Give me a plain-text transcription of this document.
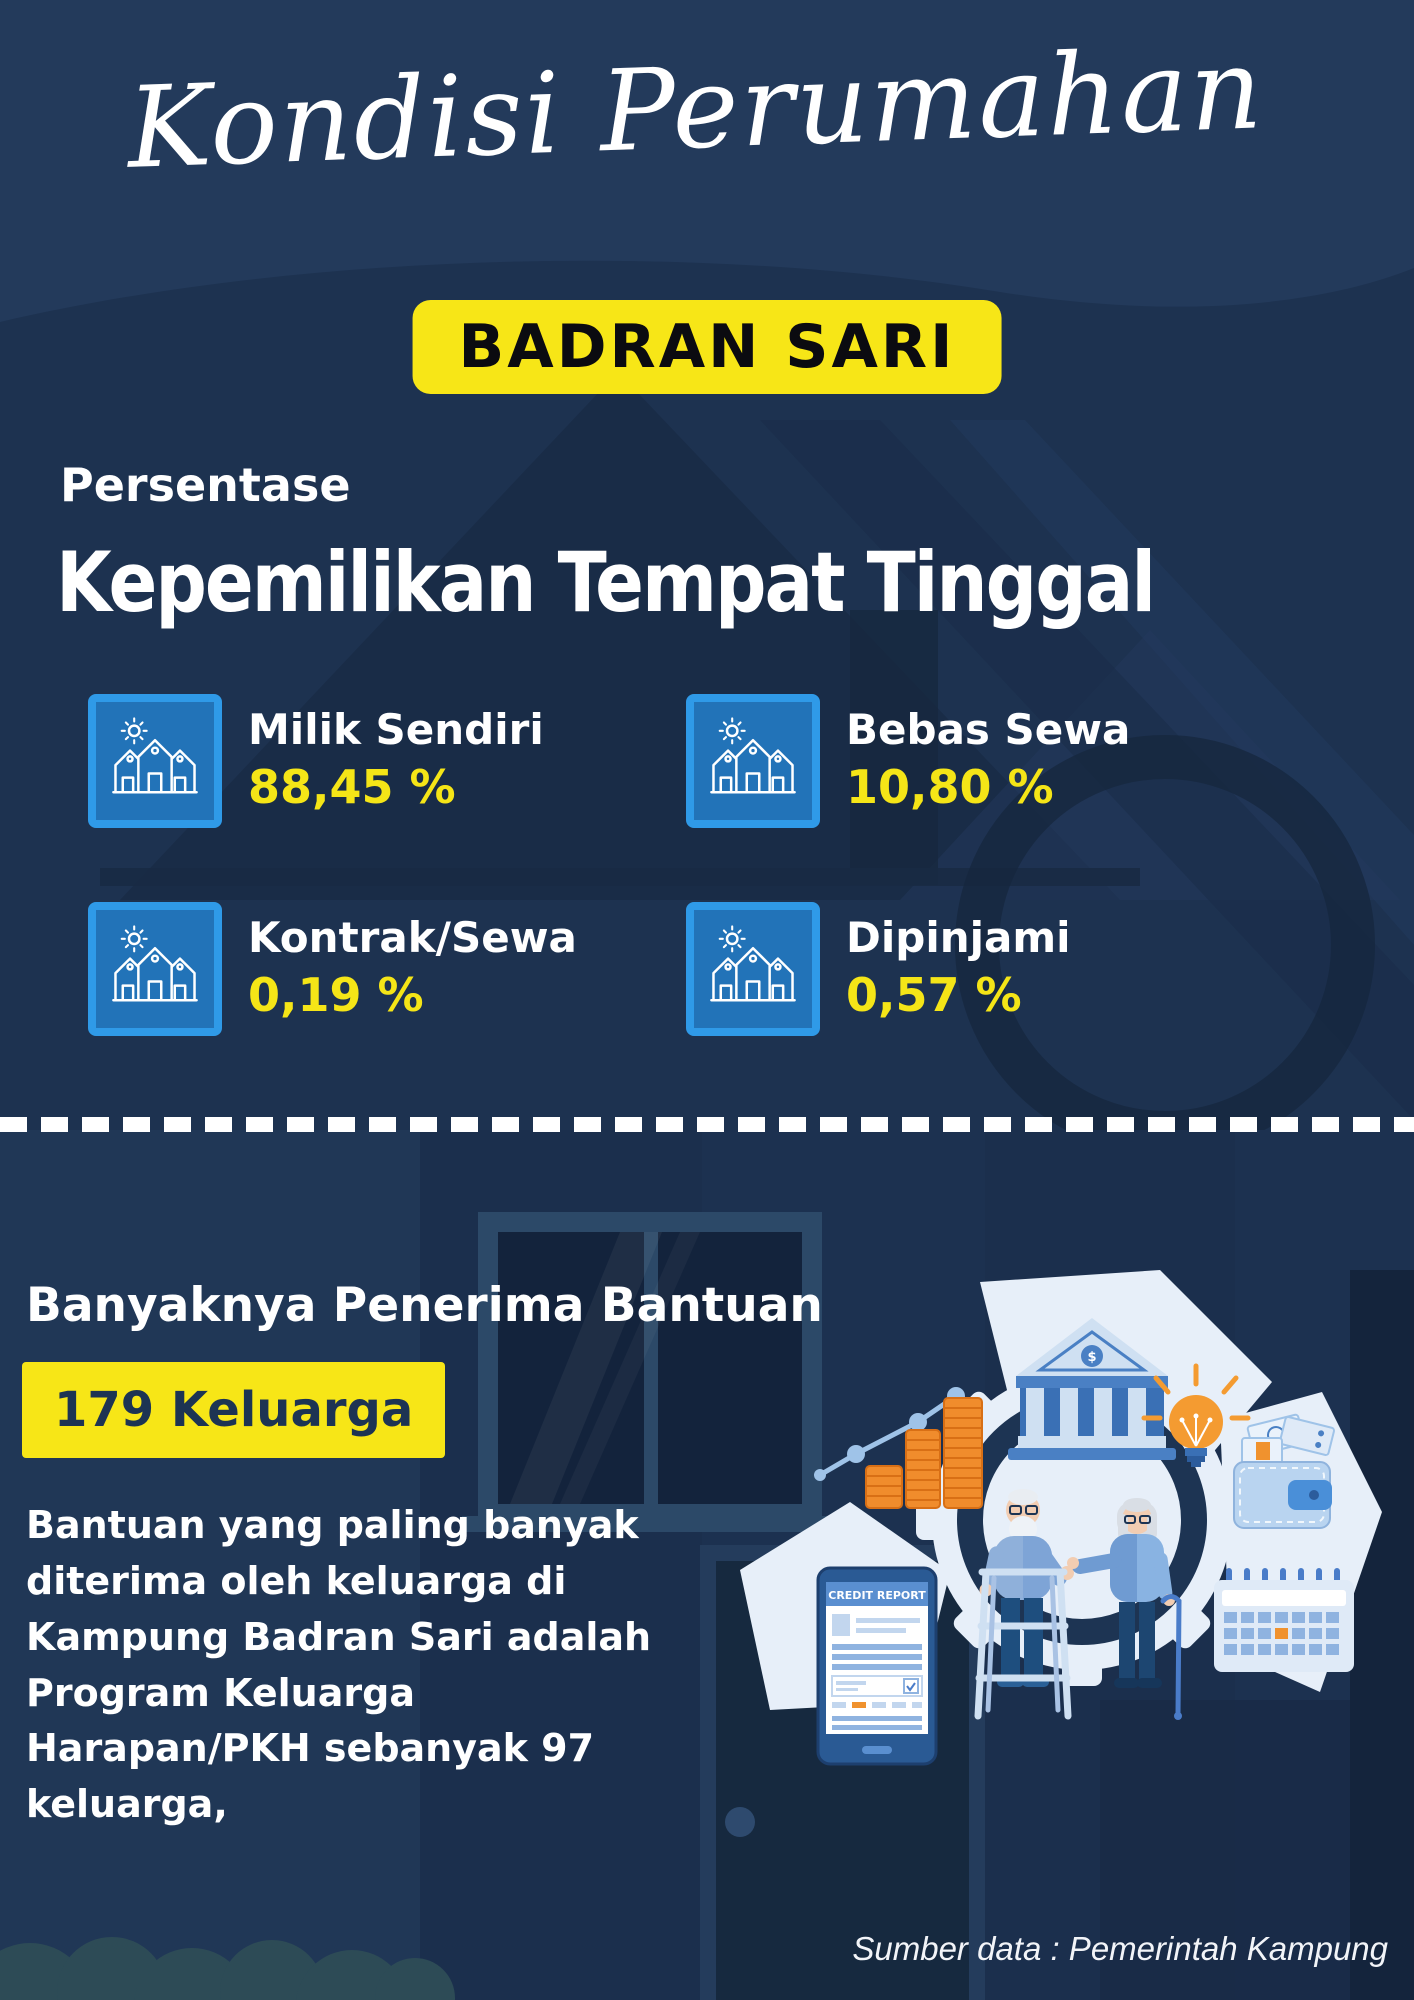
Kondisi Perumahan
BADRAN SARI
Persentase
Kepemilikan Tempat Tinggal
Milik Sendiri
88,45 %
Bebas Sewa
10,80 %
Kontrak/Sewa
0,19 %
Dipinjami
0,57 %
Banyaknya Penerima Bantuan
179 Keluarga
Bantuan yang paling banyak diterima oleh keluarga di Kampung Badran Sari adalah Program Keluarga Harapan/PKH sebanyak 97 keluarga,
$
CREDIT REPORT
Sumber data : Pemerintah Kampung
